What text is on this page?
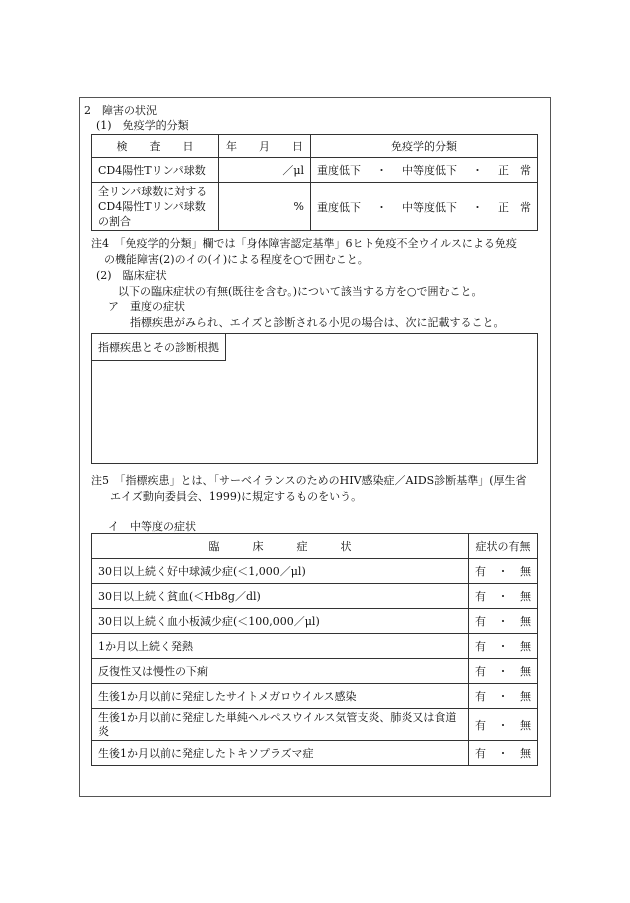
2　障害の状況
(1)　免疫学的分類
検　　査　　日	年　　月　　日	免疫学的分類
CD4陽性Tリンパ球数	／μl	重度低下 ・ 中等度低下 ・ 正　常

全リンパ球数に対するCD4陽性Tリンパ球数の割合	%	重度低下 ・ 中等度低下 ・ 正　常
注4　「免疫学的分類」欄では「身体障害認定基準」6ヒト免疫不全ウイルスによる免疫
の機能障害(2)のイの(イ)による程度を○で囲むこと。
(2)　臨床症状
以下の臨床症状の有無(既往を含む。)について該当する方を○で囲むこと。
ア　重度の症状
指標疾患がみられ、エイズと診断される小児の場合は、次に記載すること。
指標疾患とその診断根拠
注5　「指標疾患」とは、「サーベイランスのためのHIV感染症／AIDS診断基準」(厚生省
エイズ動向委員会、1999)に規定するものをいう。
イ　中等度の症状
臨　　　床　　　症　　　状	症状の有無
30日以上続く好中球減少症(＜1,000／μl)	有 ・ 無

30日以上続く貧血(＜Hb8g／dl)	有 ・ 無

30日以上続く血小板減少症(＜100,000／μl)	有 ・ 無

1か月以上続く発熱	有 ・ 無

反復性又は慢性の下痢	有 ・ 無

生後1か月以前に発症したサイトメガロウイルス感染	有 ・ 無

生後1か月以前に発症した単純ヘルペスウイルス気管支炎、肺炎又は食道炎	有 ・ 無

生後1か月以前に発症したトキソプラズマ症	有 ・ 無
